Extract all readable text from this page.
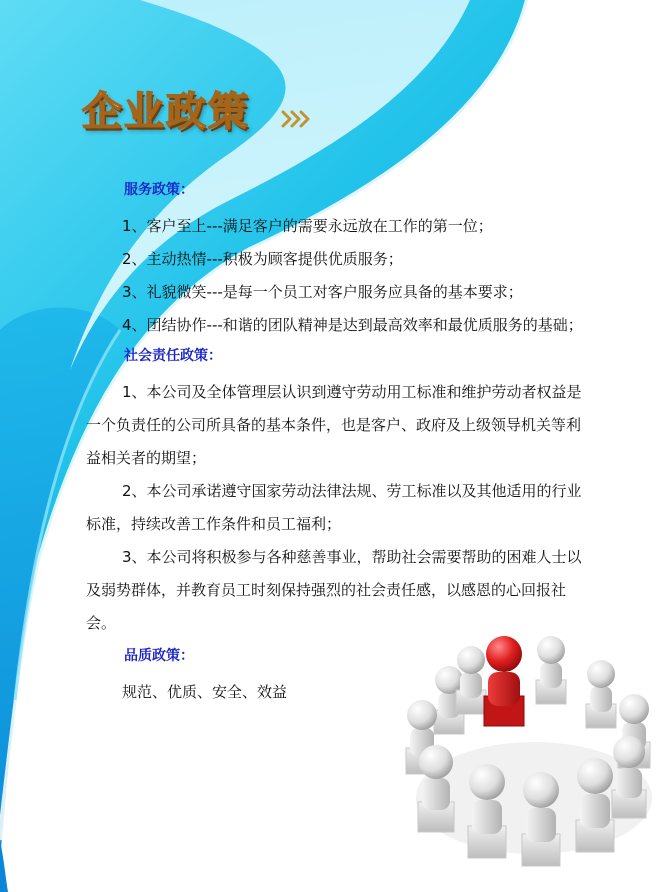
企业政策
服务政策：
1、客户至上---满足客户的需要永远放在工作的第一位；
2、主动热情---积极为顾客提供优质服务；
3、礼貌微笑---是每一个员工对客户服务应具备的基本要求；
4、团结协作---和谐的团队精神是达到最高效率和最优质服务的基础；
社会责任政策：
1、本公司及全体管理层认识到遵守劳动用工标准和维护劳动者权益是一个负责任的公司所具备的基本条件，也是客户、政府及上级领导机关等利益相关者的期望；
2、本公司承诺遵守国家劳动法律法规、劳工标准以及其他适用的行业标准，持续改善工作条件和员工福利；
3、本公司将积极参与各种慈善事业，帮助社会需要帮助的困难人士以及弱势群体，并教育员工时刻保持强烈的社会责任感，以感恩的心回报社会。
品质政策：
规范、优质、安全、效益
